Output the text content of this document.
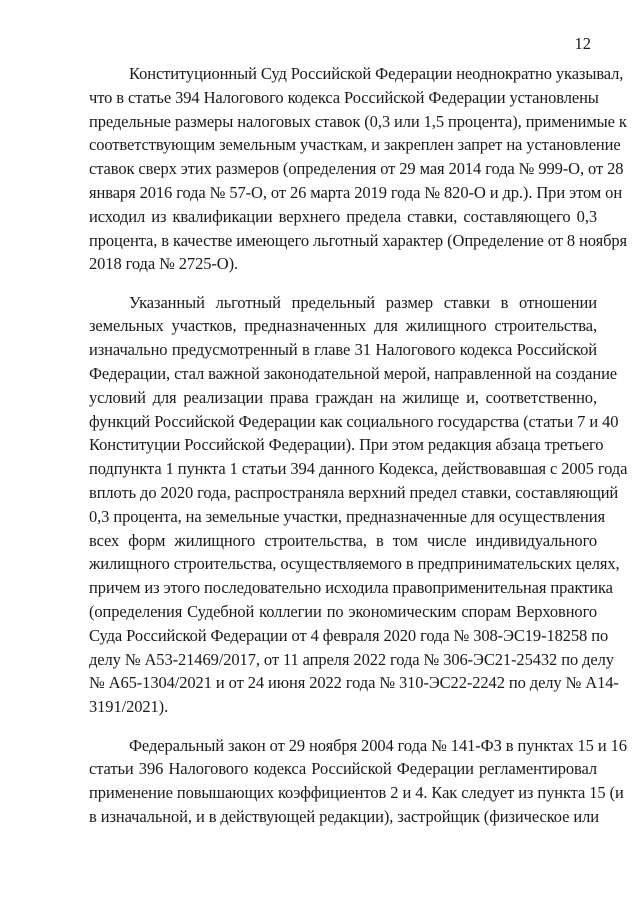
12
Конституционный Суд Российской Федерации неоднократно указывал,
что в статье 394 Налогового кодекса Российской Федерации установлены
предельные размеры налоговых ставок (0,3 или 1,5 процента), применимые к
соответствующим земельным участкам, и закреплен запрет на установление
ставок сверх этих размеров (определения от 29 мая 2014 года № 999-О, от 28
января 2016 года № 57-О, от 26 марта 2019 года № 820-О и др.). При этом он
исходил из квалификации верхнего предела ставки, составляющего 0,3
процента, в качестве имеющего льготный характер (Определение от 8 ноября
2018 года № 2725-О).
Указанный льготный предельный размер ставки в отношении
земельных участков, предназначенных для жилищного строительства,
изначально предусмотренный в главе 31 Налогового кодекса Российской
Федерации, стал важной законодательной мерой, направленной на создание
условий для реализации права граждан на жилище и, соответственно,
функций Российской Федерации как социального государства (статьи 7 и 40
Конституции Российской Федерации). При этом редакция абзаца третьего
подпункта 1 пункта 1 статьи 394 данного Кодекса, действовавшая с 2005 года
вплоть до 2020 года, распространяла верхний предел ставки, составляющий
0,3 процента, на земельные участки, предназначенные для осуществления
всех форм жилищного строительства, в том числе индивидуального
жилищного строительства, осуществляемого в предпринимательских целях,
причем из этого последовательно исходила правоприменительная практика
(определения Судебной коллегии по экономическим спорам Верховного
Суда Российской Федерации от 4 февраля 2020 года № 308-ЭС19-18258 по
делу № А53-21469/2017, от 11 апреля 2022 года № 306-ЭС21-25432 по делу
№ А65-1304/2021 и от 24 июня 2022 года № 310-ЭС22-2242 по делу № А14-
3191/2021).
Федеральный закон от 29 ноября 2004 года № 141-ФЗ в пунктах 15 и 16
статьи 396 Налогового кодекса Российской Федерации регламентировал
применение повышающих коэффициентов 2 и 4. Как следует из пункта 15 (и
в изначальной, и в действующей редакции), застройщик (физическое или
